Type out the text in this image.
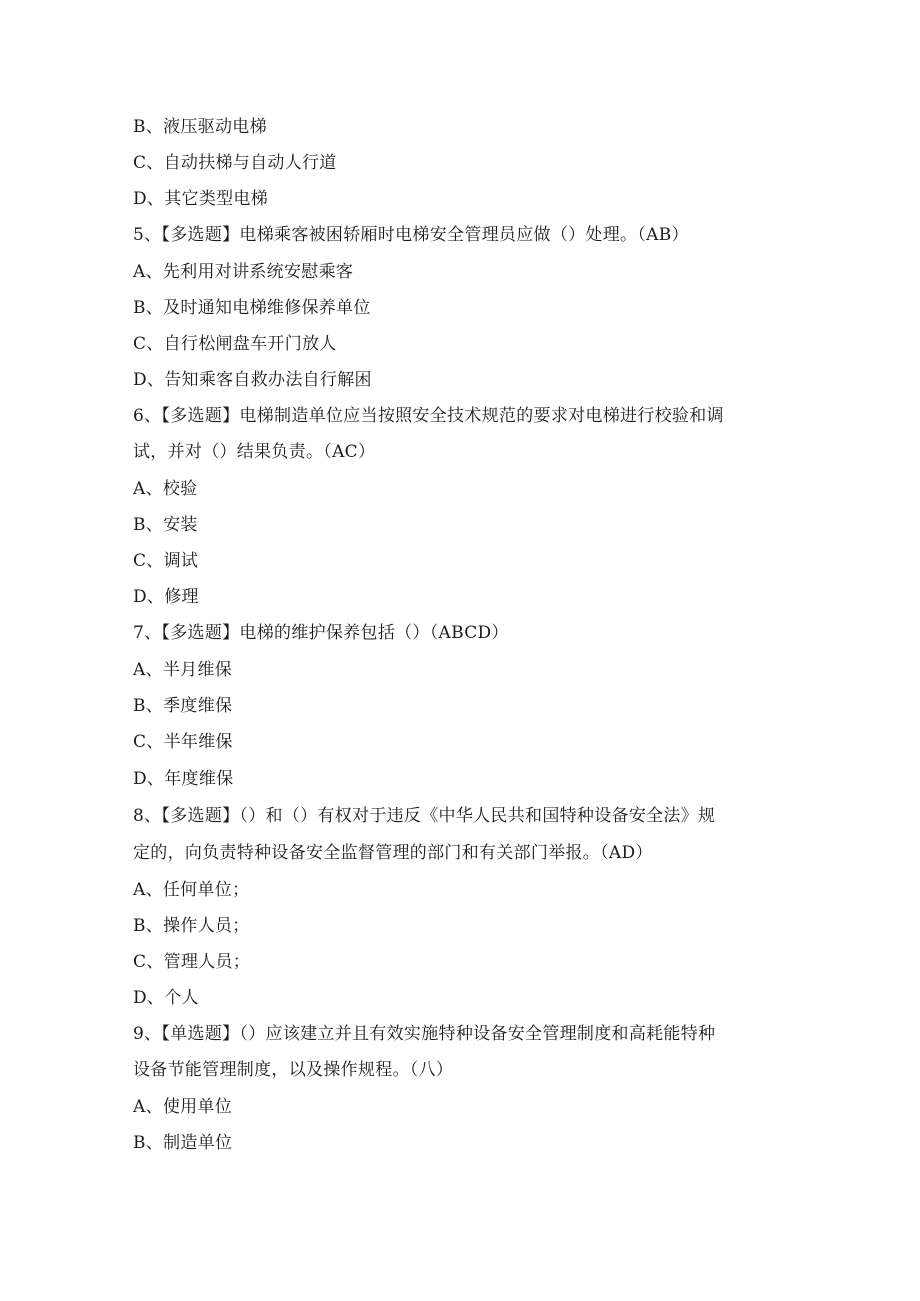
B、液压驱动电梯
C、自动扶梯与自动人行道
D、其它类型电梯
5、【多选题】电梯乘客被困轿厢时电梯安全管理员应做（）处理。（AB）
A、先利用对讲系统安慰乘客
B、及时通知电梯维修保养单位
C、自行松闸盘车开门放人
D、告知乘客自救办法自行解困
6、【多选题】电梯制造单位应当按照安全技术规范的要求对电梯进行校验和调
试，并对（）结果负责。（AC）
A、校验
B、安装
C、调试
D、修理
7、【多选题】电梯的维护保养包括（）（ABCD）
A、半月维保
B、季度维保
C、半年维保
D、年度维保
8、【多选题】（）和（）有权对于违反《中华人民共和国特种设备安全法》规
定的，向负责特种设备安全监督管理的部门和有关部门举报。（AD）
A、任何单位；
B、操作人员；
C、管理人员；
D、个人
9、【单选题】（）应该建立并且有效实施特种设备安全管理制度和高耗能特种
设备节能管理制度，以及操作规程。（八）
A、使用单位
B、制造单位
